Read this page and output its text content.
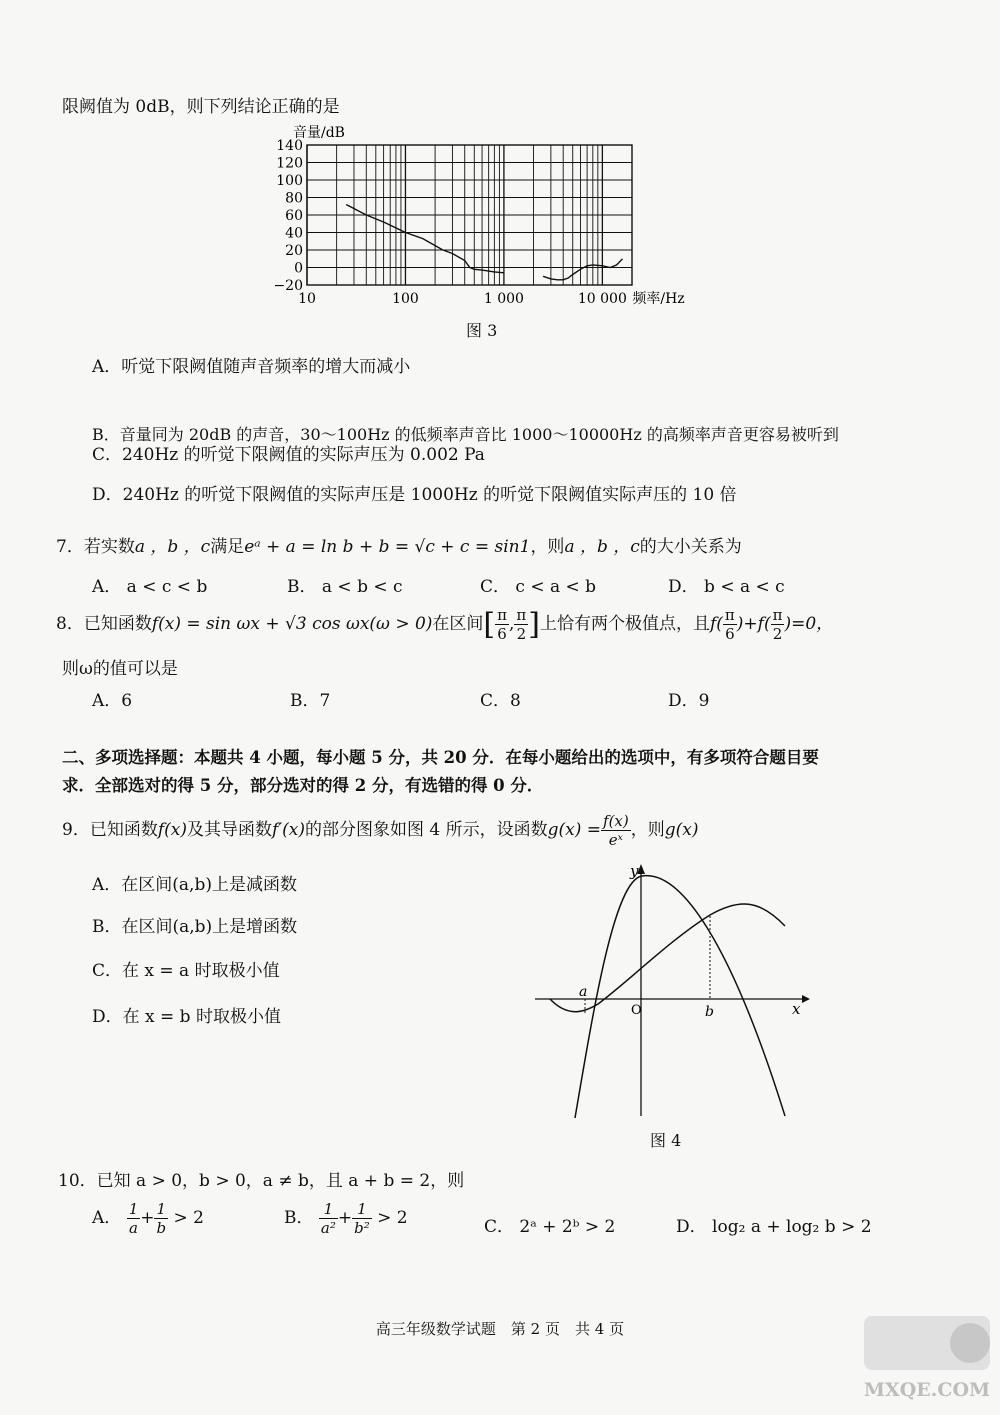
限阙值为 0dB，则下列结论正确的是
140
120
100
80
60
40
20
0
−20
10	100	1 000	10 000
音量/dB
频率/Hz
图 3
A．听觉下限阙值随声音频率的增大而减小
B．音量同为 20dB 的声音，30～100Hz 的低频率声音比 1000～10000Hz 的高频率声音更容易被听到
C．240Hz 的听觉下限阙值的实际声压为 0.002 Pa
D．240Hz 的听觉下限阙值的实际声压是 1000Hz 的听觉下限阙值实际声压的 10 倍
7．若实数a ，b ，c满足eᵃ + a = ln b + b = √c + c = sin1，则a ，b ，c的大小关系为
A． a < c < b	B． a < b < c	C． c < a < b	D． b < a < c
8．已知函数f(x) = sin ωx + √3 cos ωx(ω > 0)在区间[ $\frac{\pi}{6}$ , $\frac{\pi}{2}$ ]上恰有两个极值点，且$f( \frac{\pi}{6} )+f( \frac{\pi}{2} )=0$，
则ω的值可以是
A．6	B．7	C．8	D．9
二、多项选择题：本题共 4 小题，每小题 5 分，共 20 分．在每小题给出的选项中，有多项符合题目要
求．全部选对的得 5 分，部分选对的得 2 分，有选错的得 0 分．
9．已知函数f(x)及其导函数f′(x)的部分图象如图 4 所示，设函数$g(x) = \frac{f(x)}{\text{eˣ}}$ ，则g(x)
A．在区间(a,b)上是减函数
B．在区间(a,b)上是增函数
C．在 x = a 时取极小值
D．在 x = b 时取极小值
y
x
O
a
b
图 4
10．已知 a > 0，b > 0，a ≠ b，且 a + b = 2，则
A． $\frac{1}{a} + \frac{1}{b} > 2$	B． $\frac{1}{\text{a²}} + \frac{1}{\text{b²}} > 2$	C． 2ᵃ + 2ᵇ > 2	D． log₂ a + log₂ b > 2
高三年级数学试题　第 2 页　共 4 页
MXQE.COM
